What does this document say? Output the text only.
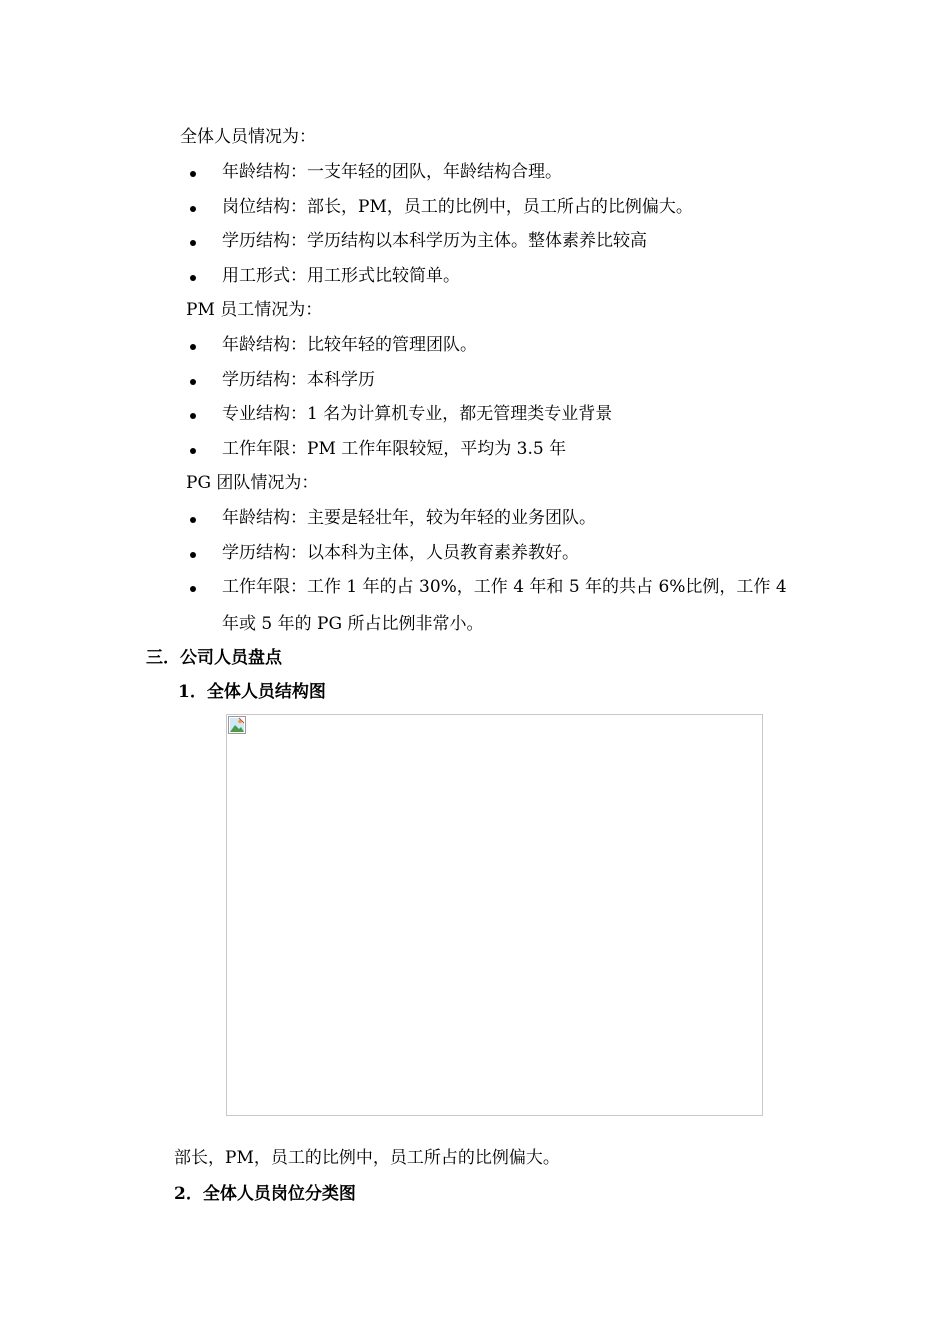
全体人员情况为：
年龄结构：一支年轻的团队，年龄结构合理。
岗位结构：部长，PM，员工的比例中，员工所占的比例偏大。
学历结构：学历结构以本科学历为主体。整体素养比较高
用工形式：用工形式比较简单。
PM 员工情况为：
年龄结构：比较年轻的管理团队。
学历结构：本科学历
专业结构：1 名为计算机专业，都无管理类专业背景
工作年限：PM 工作年限较短，平均为 3.5 年
PG 团队情况为：
年龄结构：主要是轻壮年，较为年轻的业务团队。
学历结构：以本科为主体，人员教育素养教好。
工作年限：工作 1 年的占 30%，工作 4 年和 5 年的共占 6%比例，工作 4
年或 5 年的 PG 所占比例非常小。
三．公司人员盘点
1．全体人员结构图
部长，PM，员工的比例中，员工所占的比例偏大。
2．全体人员岗位分类图
